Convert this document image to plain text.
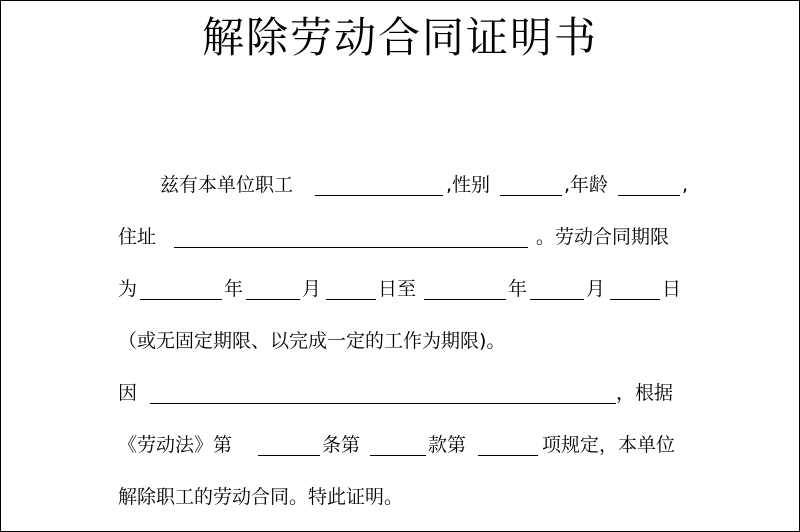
解除劳动合同证明书
兹有本单位职工	,性别	,年龄	,
住址	。劳动合同期限
为	年	月	日至	年	月	日
（或无固定期限、以完成一定的工作为期限)。
因	，根据
《劳动法》第	条第	款第	项规定，本单位
解除职工的劳动合同。特此证明。
